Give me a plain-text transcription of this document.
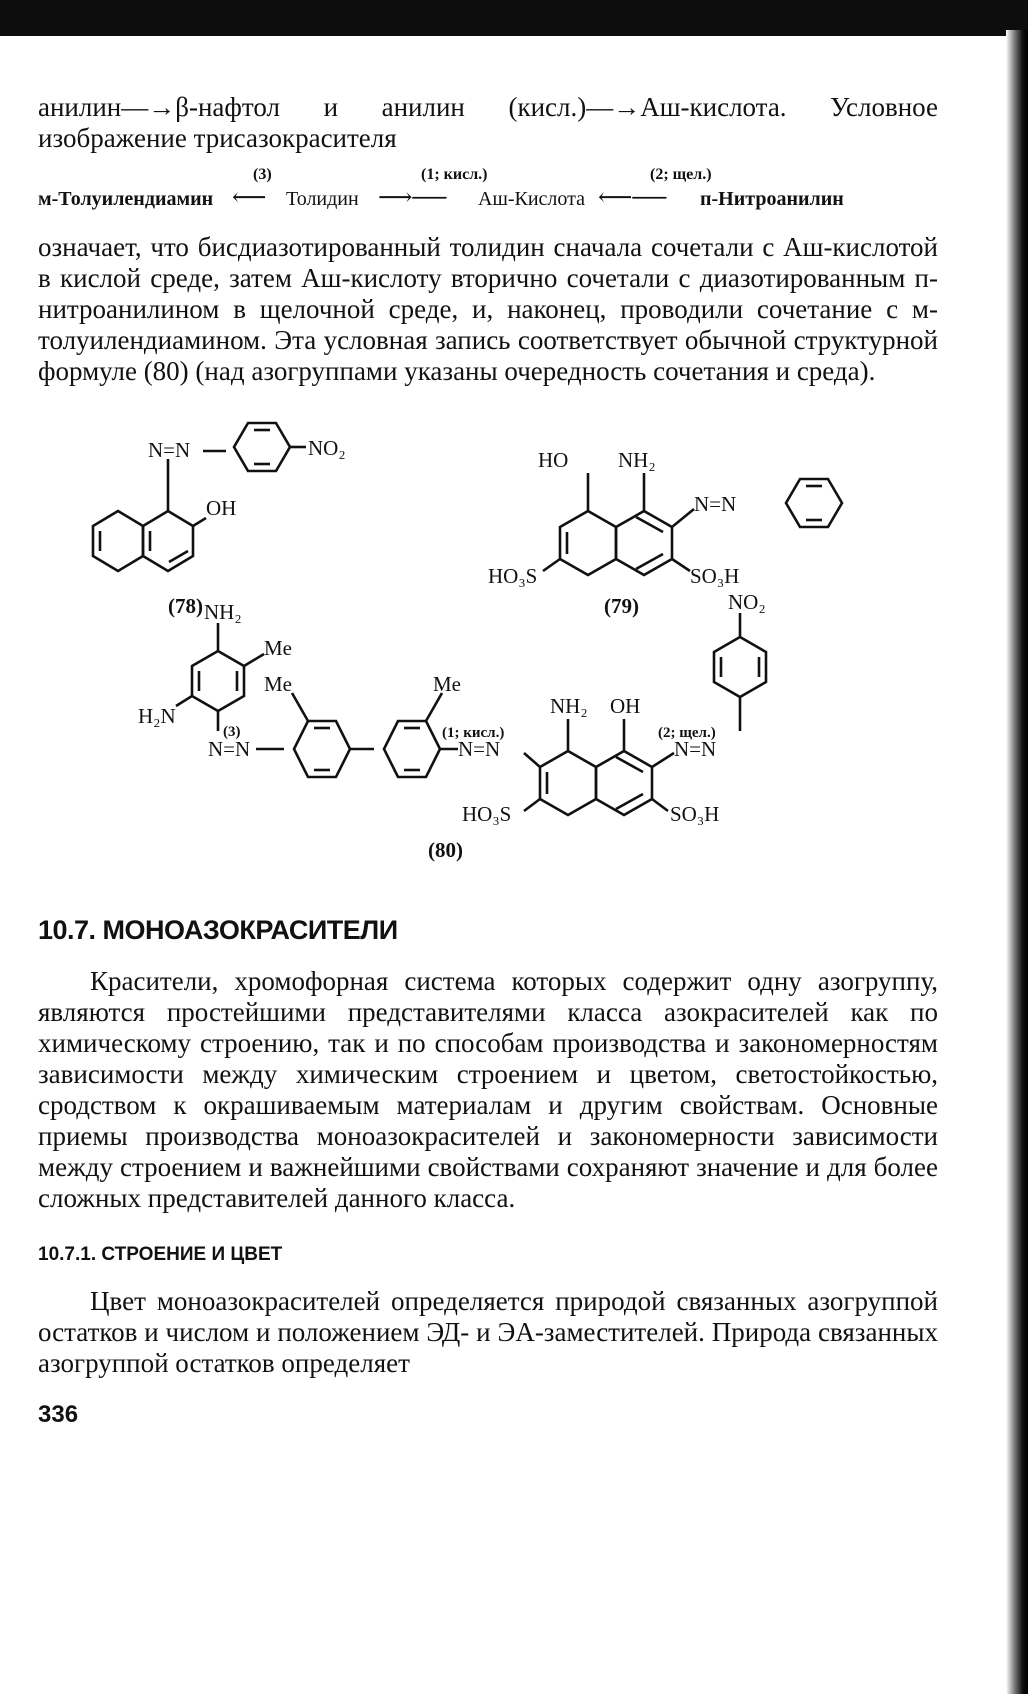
анилин—→β-нафтол и анилин (кисл.)—→Аш-кислота. Условное изображение трисазокрасителя

(3)	(1; кисл.)	(2; щел.)
м-Толуилендиамин ⟵ Толидин ⟶── Аш-Кислота ⟵── п-Нитроанилин

означает, что бисдиазотированный толидин сначала сочетали с Аш-кислотой в кислой среде, затем Аш-кислоту вторично сочетали с диазотированным п-нитроанилином в щелочной среде, и, наконец, проводили сочетание с м-толуилендиамином. Эта условная запись соответствует обычной структурной формуле (80) (над азогруппами указаны очередность сочетания и среда).

N=N	NO₂
OH
(78)
HO NH₂
N=N
HO₃S	SO₃H
(79)
NH₂
Me
Me	Me
H₂N
(3)
N=N
(1; кисл.)
N=N
NH₂ OH
(2; щел.)
N=N
NO₂
HO₃S	SO₃H
(80)
10.7. МОНОАЗОКРАСИТЕЛИ

Красители, хромофорная система которых содержит одну азогруппу, являются простейшими представителями класса азокрасителей как по химическому строению, так и по способам производства и закономерностям зависимости между химическим строением и цветом, светостойкостью, сродством к окрашиваемым материалам и другим свойствам. Основные приемы производства моноазокрасителей и закономерности зависимости между строением и важнейшими свойствами сохраняют значение и для более сложных представителей данного класса.

10.7.1. СТРОЕНИЕ И ЦВЕТ

Цвет моноазокрасителей определяется природой связанных азогруппой остатков и числом и положением ЭД- и ЭА-заместителей. Природа связанных азогруппой остатков определяет

336
